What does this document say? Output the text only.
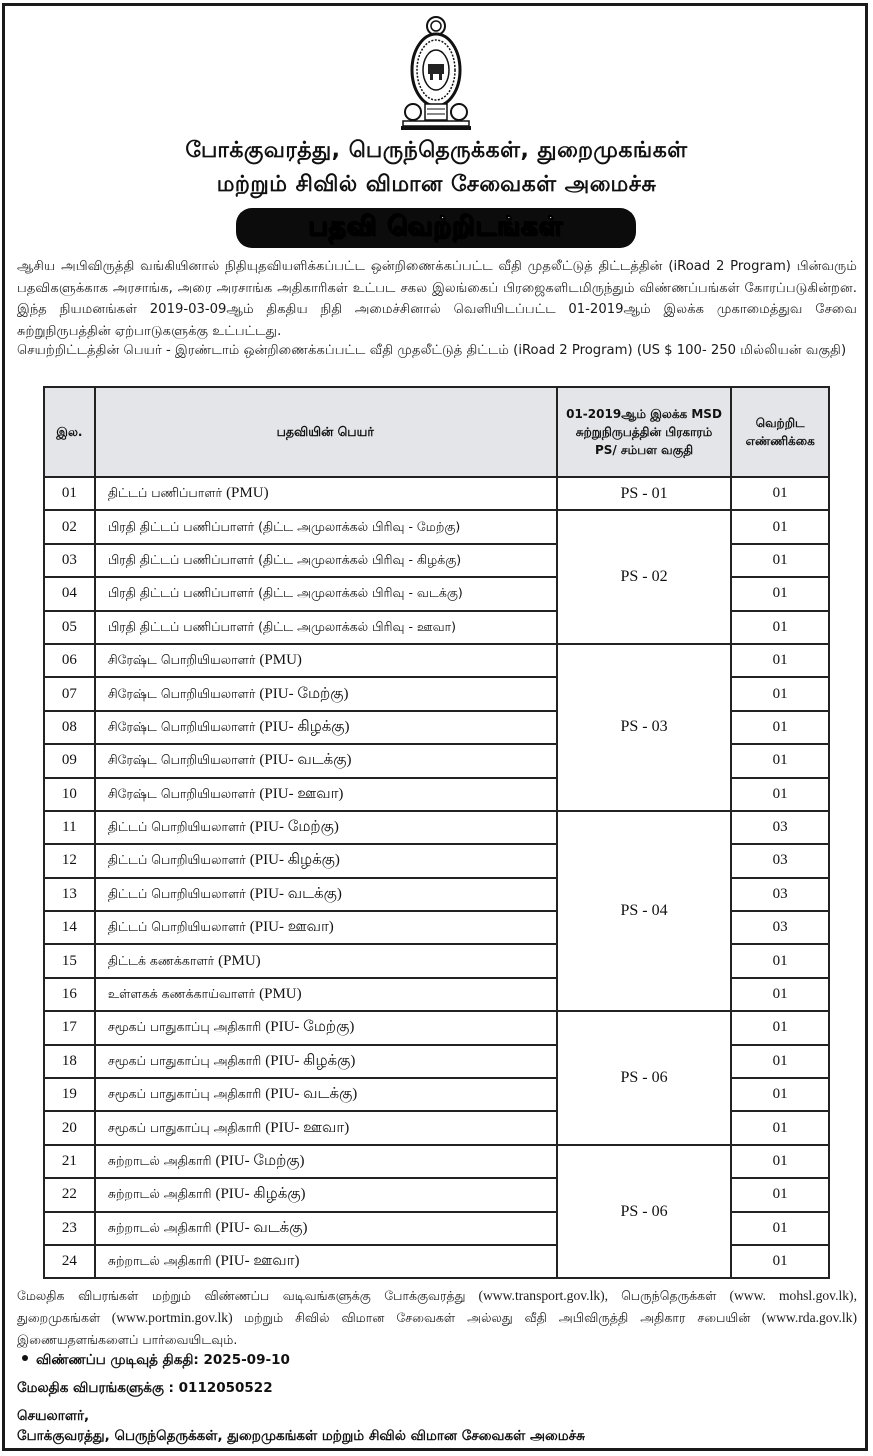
போக்குவரத்து, பெருந்தெருக்கள், துறைமுகங்கள்
மற்றும் சிவில் விமான சேவைகள் அமைச்சு
பதவி வெற்றிடங்கள்

ஆசிய அபிவிருத்தி வங்கியினால் நிதியுதவியளிக்கப்பட்ட ஒன்றிணைக்கப்பட்ட வீதி முதலீட்டுத் திட்டத்தின் (iRoad 2 Program) பின்வரும் பதவிகளுக்காக அரசாங்க, அரை அரசாங்க அதிகாரிகள் உட்பட சகல இலங்கைப் பிரஜைகளிடமிருந்தும் விண்ணப்பங்கள் கோரப்படுகின்றன. இந்த நியமனங்கள் 2019-03-09ஆம் திகதிய நிதி அமைச்சினால் வெளியிடப்பட்ட 01-2019ஆம் இலக்க முகாமைத்துவ சேவை சுற்றுநிருபத்தின் ஏற்பாடுகளுக்கு உட்பட்டது.

செயற்றிட்டத்தின் பெயர் - இரண்டாம் ஒன்றிணைக்கப்பட்ட வீதி முதலீட்டுத் திட்டம் (iRoad 2 Program) (US $ 100- 250 மில்லியன் வகுதி)
இல.	பதவியின் பெயர்	01-2019ஆம் இலக்க MSD சுற்றுநிருபத்தின் பிரகாரம் PS/ சம்பள வகுதி	வெற்றிட எண்ணிக்கை
01	திட்டப் பணிப்பாளர் (PMU)	PS - 01	01
02	பிரதி திட்டப் பணிப்பாளர் (திட்ட அமுலாக்கல் பிரிவு - மேற்கு)	PS - 02	01
03	பிரதி திட்டப் பணிப்பாளர் (திட்ட அமுலாக்கல் பிரிவு - கிழக்கு)		01
04	பிரதி திட்டப் பணிப்பாளர் (திட்ட அமுலாக்கல் பிரிவு - வடக்கு)		01
05	பிரதி திட்டப் பணிப்பாளர் (திட்ட அமுலாக்கல் பிரிவு - ஊவா)		01
06	சிரேஷ்ட பொறியியலாளர் (PMU)	PS - 03	01
07	சிரேஷ்ட பொறியியலாளர் (PIU- மேற்கு)		01
08	சிரேஷ்ட பொறியியலாளர் (PIU- கிழக்கு)		01
09	சிரேஷ்ட பொறியியலாளர் (PIU- வடக்கு)		01
10	சிரேஷ்ட பொறியியலாளர் (PIU- ஊவா)		01
11	திட்டப் பொறியியலாளர் (PIU- மேற்கு)	PS - 04	03
12	திட்டப் பொறியியலாளர் (PIU- கிழக்கு)		03
13	திட்டப் பொறியியலாளர் (PIU- வடக்கு)		03
14	திட்டப் பொறியியலாளர் (PIU- ஊவா)		03
15	திட்டக் கணக்காளர் (PMU)		01
16	உள்ளகக் கணக்காய்வாளர் (PMU)		01
17	சமூகப் பாதுகாப்பு அதிகாரி (PIU- மேற்கு)	PS - 06	01
18	சமூகப் பாதுகாப்பு அதிகாரி (PIU- கிழக்கு)		01
19	சமூகப் பாதுகாப்பு அதிகாரி (PIU- வடக்கு)		01
20	சமூகப் பாதுகாப்பு அதிகாரி (PIU- ஊவா)		01
21	சுற்றாடல் அதிகாரி (PIU- மேற்கு)	PS - 06	01
22	சுற்றாடல் அதிகாரி (PIU- கிழக்கு)		01
23	சுற்றாடல் அதிகாரி (PIU- வடக்கு)		01
24	சுற்றாடல் அதிகாரி (PIU- ஊவா)		01
மேலதிக விபரங்கள் மற்றும் விண்ணப்ப வடிவங்களுக்கு போக்குவரத்து (www.transport.gov.lk), பெருந்தெருக்கள் (www. mohsl.gov.lk), துறைமுகங்கள் (www.portmin.gov.lk) மற்றும் சிவில் விமான சேவைகள் அல்லது வீதி அபிவிருத்தி அதிகார சபையின் (www.rda.gov.lk) இணையதளங்களைப் பார்வையிடவும்.
விண்ணப்ப முடிவுத் திகதி: 2025-09-10
மேலதிக விபரங்களுக்கு : 0112050522
செயலாளர்,
போக்குவரத்து, பெருந்தெருக்கள், துறைமுகங்கள் மற்றும் சிவில் விமான சேவைகள் அமைச்சு
